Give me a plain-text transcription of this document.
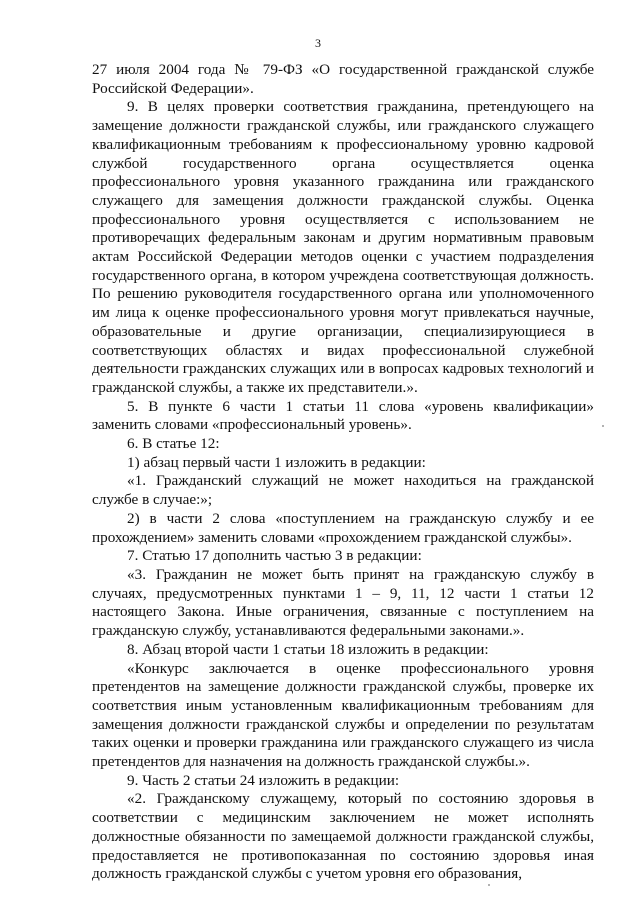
3

27 июля 2004 года № 79-ФЗ «О государственной гражданской службе Российской Федерации».

9. В целях проверки соответствия гражданина, претендующего на замещение должности гражданской службы, или гражданского служащего квалификационным требованиям к профессиональному уровню кадровой службой государственного органа осуществляется оценка профессионального уровня указанного гражданина или гражданского служащего для замещения должности гражданской службы. Оценка профессионального уровня осуществляется с использованием не противоречащих федеральным законам и другим нормативным правовым актам Российской Федерации методов оценки с участием подразделения государственного органа, в котором учреждена соответствующая должность. По решению руководителя государственного органа или уполномоченного им лица к оценке профессионального уровня могут привлекаться научные, образовательные и другие организации, специализирующиеся в соответствующих областях и видах профессиональной служебной деятельности гражданских служащих или в вопросах кадровых технологий и гражданской службы, а также их представители.».

5. В пункте 6 части 1 статьи 11 слова «уровень квалификации» заменить словами «профессиональный уровень».

6. В статье 12:

1) абзац первый части 1 изложить в редакции:

«1. Гражданский служащий не может находиться на гражданской службе в случае:»;

2) в части 2 слова «поступлением на гражданскую службу и ее прохождением» заменить словами «прохождением гражданской службы».

7. Статью 17 дополнить частью 3 в редакции:

«3. Гражданин не может быть принят на гражданскую службу в случаях, предусмотренных пунктами 1 – 9, 11, 12 части 1 статьи 12 настоящего Закона. Иные ограничения, связанные с поступлением на гражданскую службу, устанавливаются федеральными законами.».

8. Абзац второй части 1 статьи 18 изложить в редакции:

«Конкурс заключается в оценке профессионального уровня претендентов на замещение должности гражданской службы, проверке их соответствия иным установленным квалификационным требованиям для замещения должности гражданской службы и определении по результатам таких оценки и проверки гражданина или гражданского служащего из числа претендентов для назначения на должность гражданской службы.».

9. Часть 2 статьи 24 изложить в редакции:

«2. Гражданскому служащему, который по состоянию здоровья в соответствии с медицинским заключением не может исполнять должностные обязанности по замещаемой должности гражданской службы, предоставляется не противопоказанная по состоянию здоровья иная должность гражданской службы с учетом уровня его образования,
